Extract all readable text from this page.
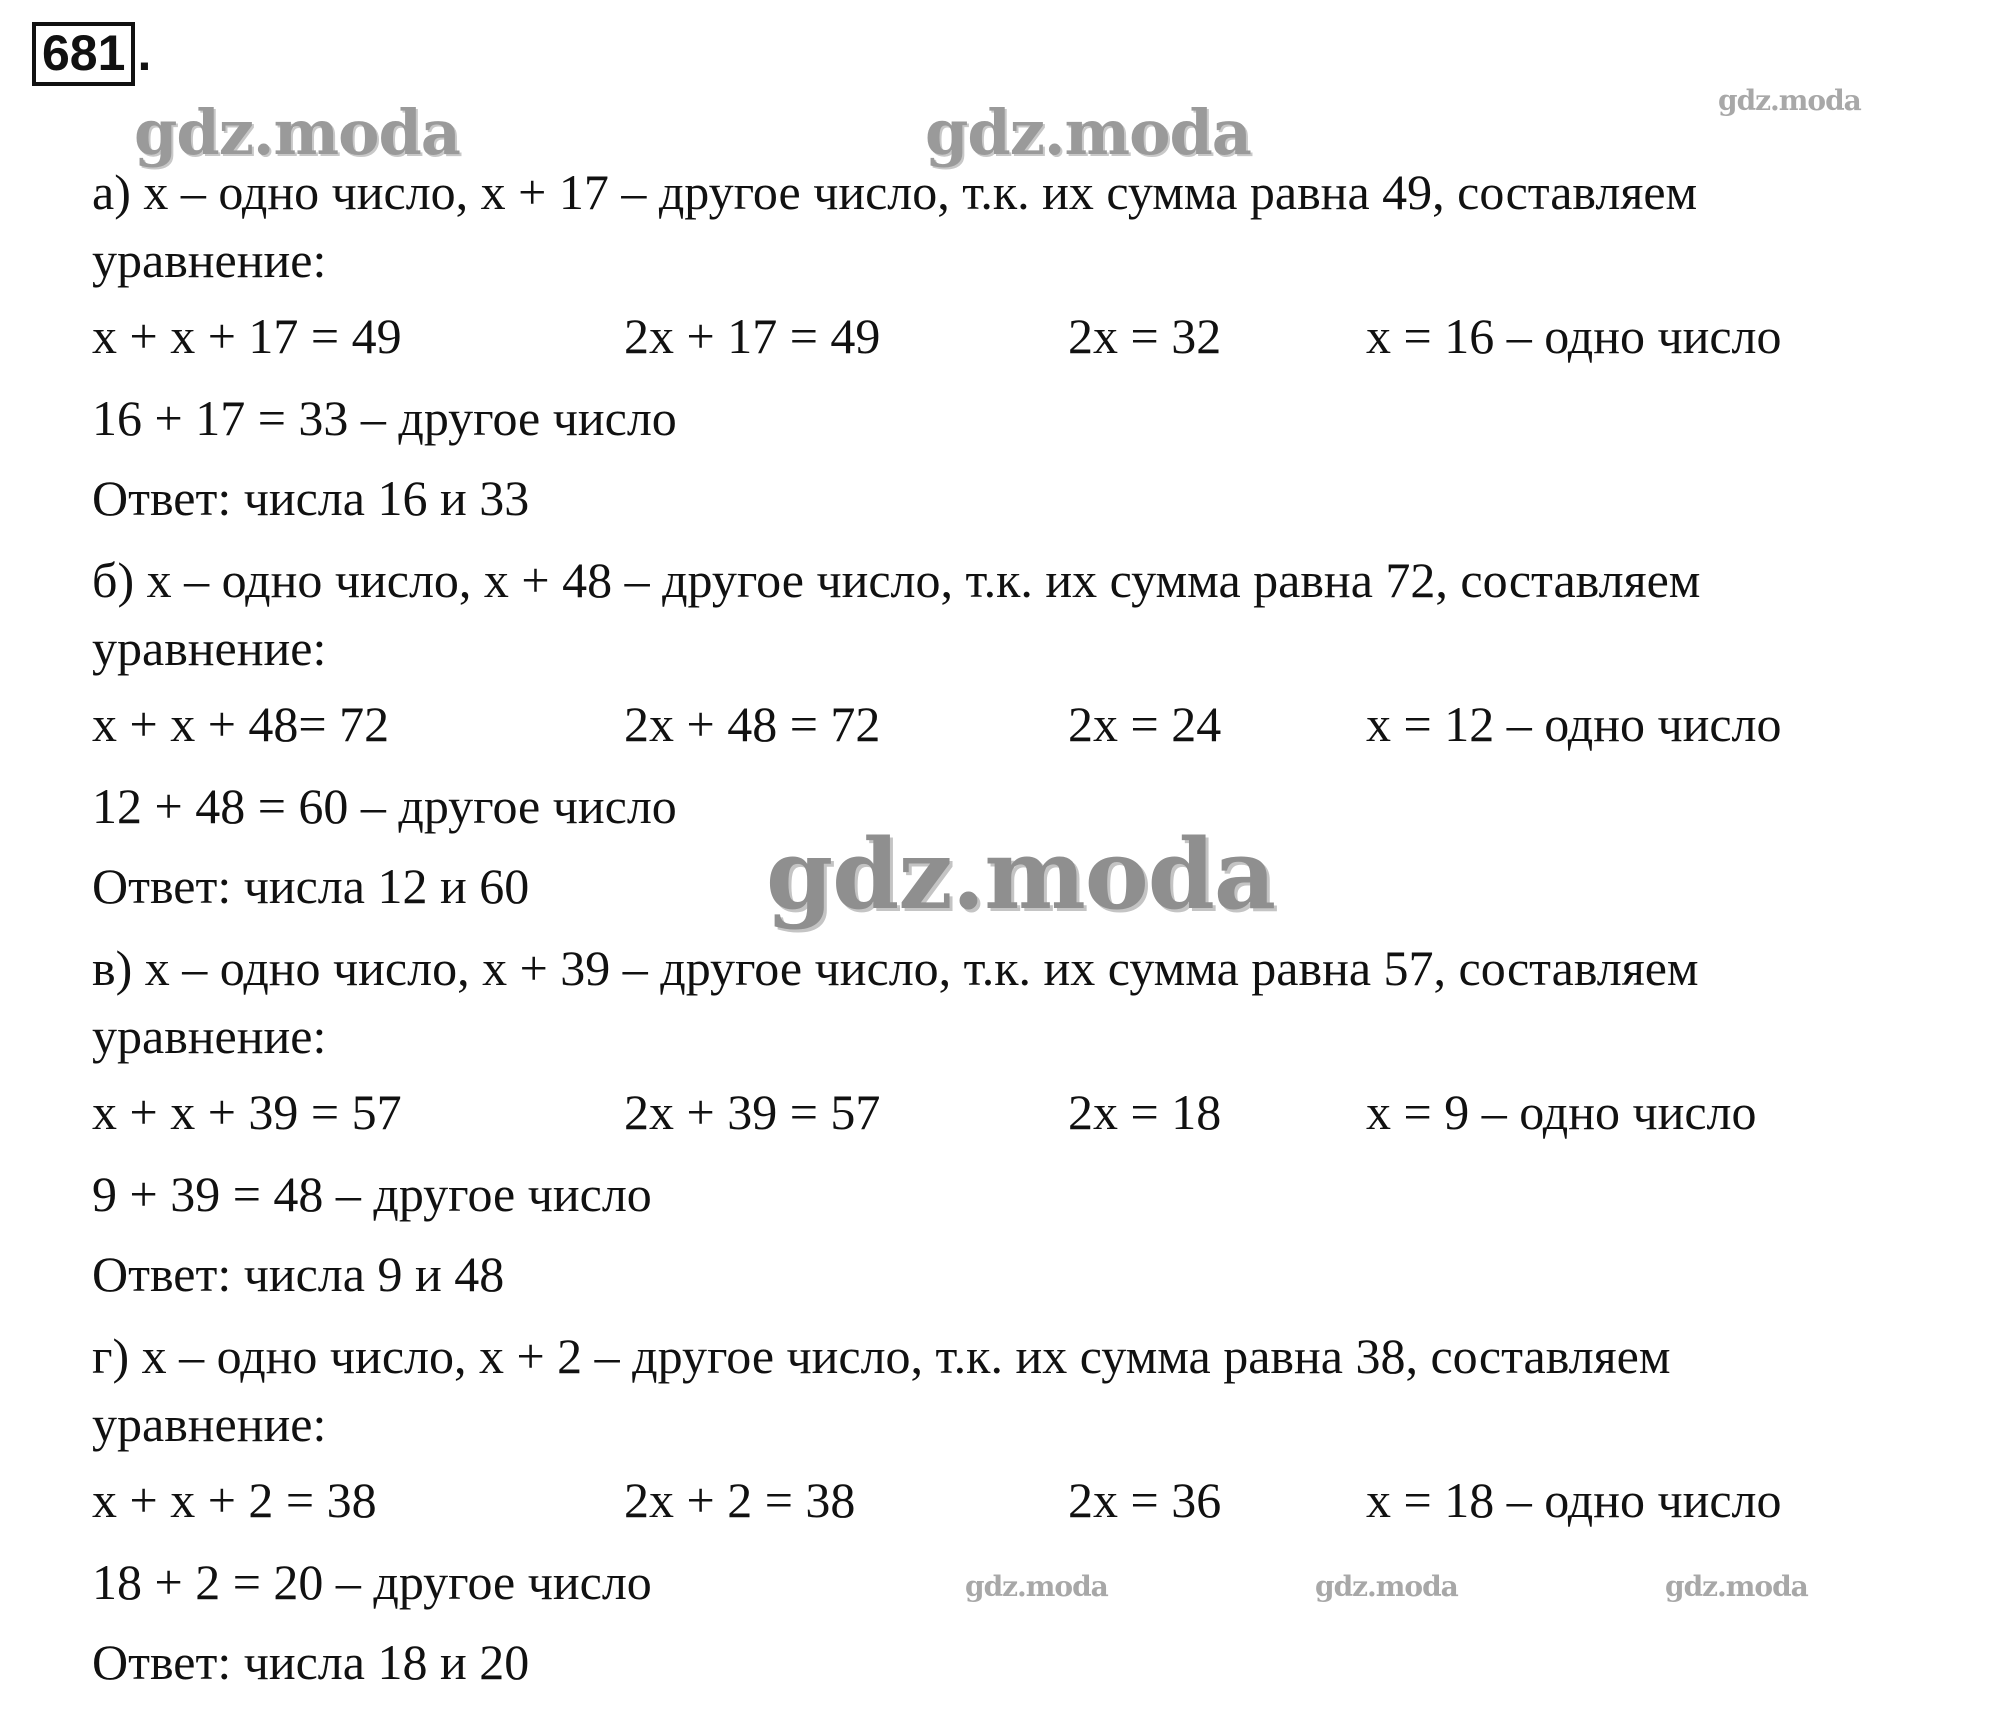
681 .
gdz.moda	gdz.moda	gdz.moda
gdz.moda
gdz.moda	gdz.moda	gdz.moda
а) х – одно число, х + 17 – другое число, т.к. их сумма равна 49, составляем
уравнение:
х + х + 17 = 49	2х + 17 = 49	2х = 32	х = 16 – одно число
16 + 17 = 33 – другое число
Ответ: числа 16 и 33
б) х – одно число, х + 48 – другое число, т.к. их сумма равна 72, составляем
уравнение:
х + х + 48= 72	2х + 48 = 72	2х = 24	х = 12 – одно число
12 + 48 = 60 – другое число
Ответ: числа 12 и 60
в) х – одно число, х + 39 – другое число, т.к. их сумма равна 57, составляем
уравнение:
х + х + 39 = 57	2х + 39 = 57	2х = 18	х = 9 – одно число
9 + 39 = 48 – другое число
Ответ: числа 9 и 48
г) х – одно число, х + 2 – другое число, т.к. их сумма равна 38, составляем
уравнение:
х + х + 2 = 38	2х + 2 = 38	2х = 36	х = 18 – одно число
18 + 2 = 20 – другое число
Ответ: числа 18 и 20
